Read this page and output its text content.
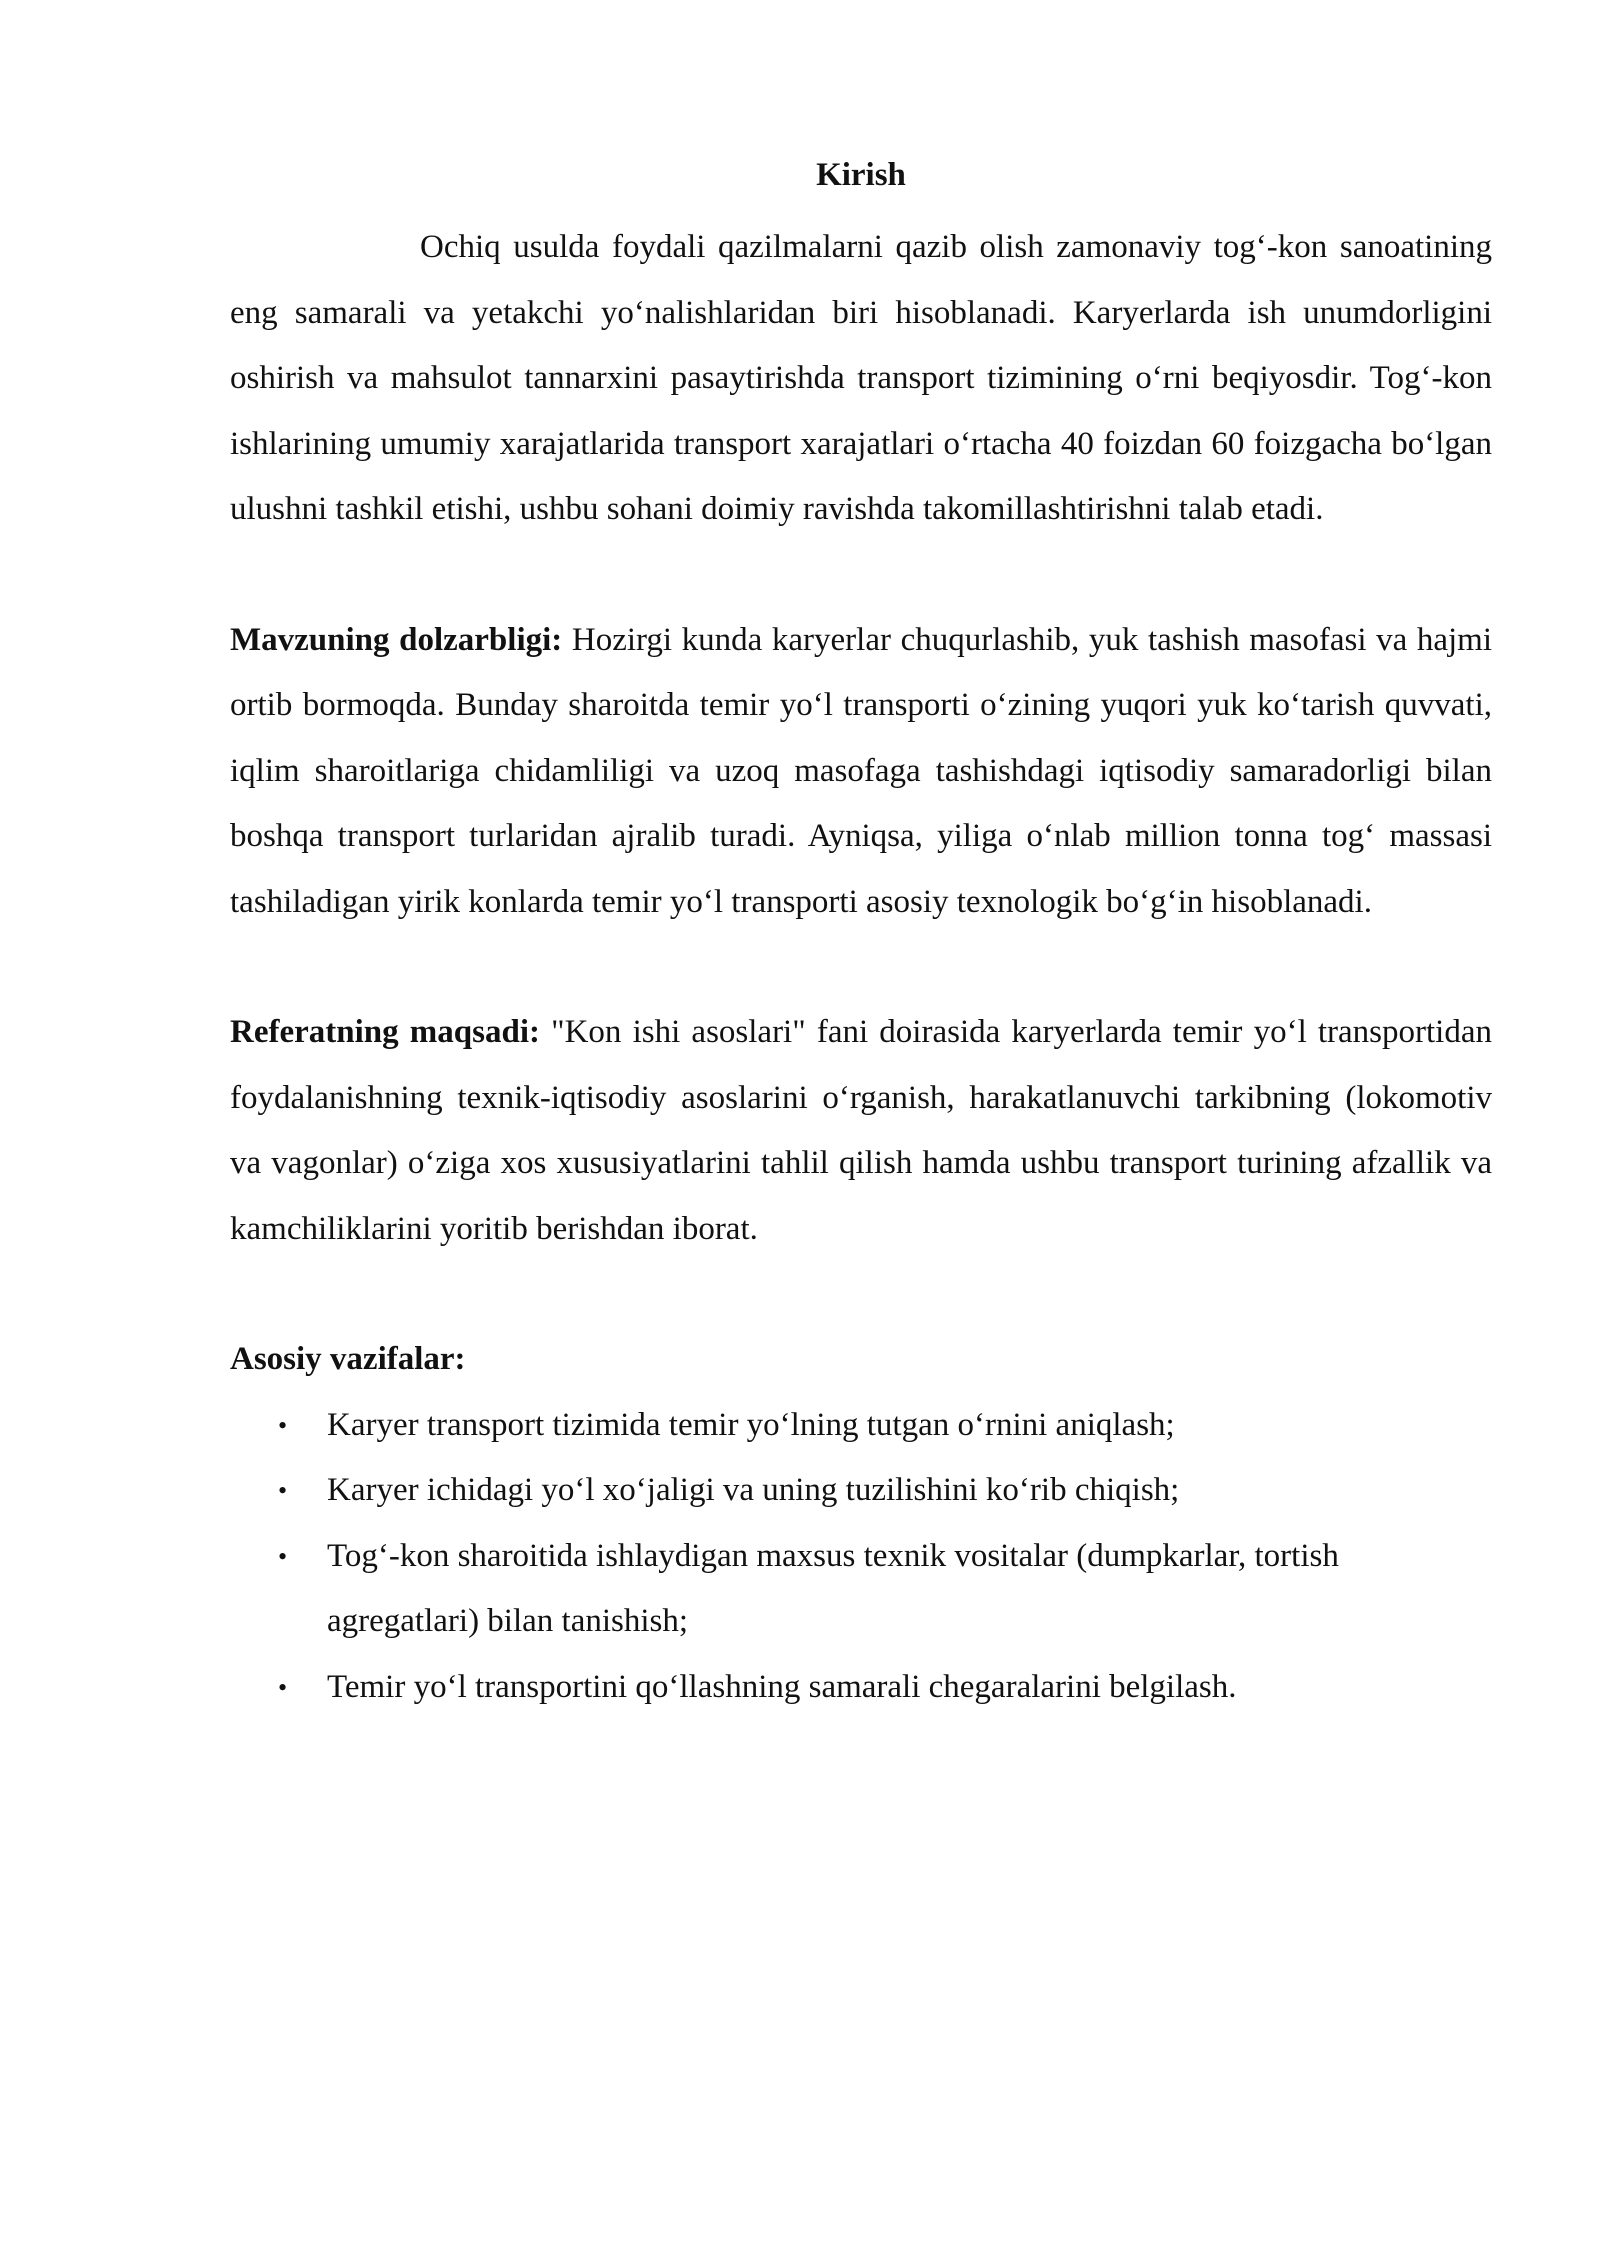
Kirish

Ochiq usulda foydali qazilmalarni qazib olish zamonaviy tog‘-kon sanoatining eng samarali va yetakchi yo‘nalishlaridan biri hisoblanadi. Karyerlarda ish unumdorligini oshirish va mahsulot tannarxini pasaytirishda transport tizimining o‘rni beqiyosdir. Tog‘-kon ishlarining umumiy xarajatlarida transport xarajatlari o‘rtacha 40 foizdan 60 foizgacha bo‘lgan ulushni tashkil etishi, ushbu sohani doimiy ravishda takomillashtirishni talab etadi.

Mavzuning dolzarbligi: Hozirgi kunda karyerlar chuqurlashib, yuk tashish masofasi va hajmi ortib bormoqda. Bunday sharoitda temir yo‘l transporti o‘zining yuqori yuk ko‘tarish quvvati, iqlim sharoitlariga chidamliligi va uzoq masofaga tashishdagi iqtisodiy samaradorligi bilan boshqa transport turlaridan ajralib turadi. Ayniqsa, yiliga o‘nlab million tonna tog‘ massasi tashiladigan yirik konlarda temir yo‘l transporti asosiy texnologik bo‘g‘in hisoblanadi.

Referatning maqsadi: "Kon ishi asoslari" fani doirasida karyerlarda temir yo‘l transportidan foydalanishning texnik-iqtisodiy asoslarini o‘rganish, harakatlanuvchi tarkibning (lokomotiv va vagonlar) o‘ziga xos xususiyatlarini tahlil qilish hamda ushbu transport turining afzallik va kamchiliklarini yoritib berishdan iborat.

Asosiy vazifalar:
• Karyer transport tizimida temir yo‘lning tutgan o‘rnini aniqlash;
• Karyer ichidagi yo‘l xo‘jaligi va uning tuzilishini ko‘rib chiqish;
• Tog‘-kon sharoitida ishlaydigan maxsus texnik vositalar (dumpkarlar, tortish agregatlari) bilan tanishish;
• Temir yo‘l transportini qo‘llashning samarali chegaralarini belgilash.
